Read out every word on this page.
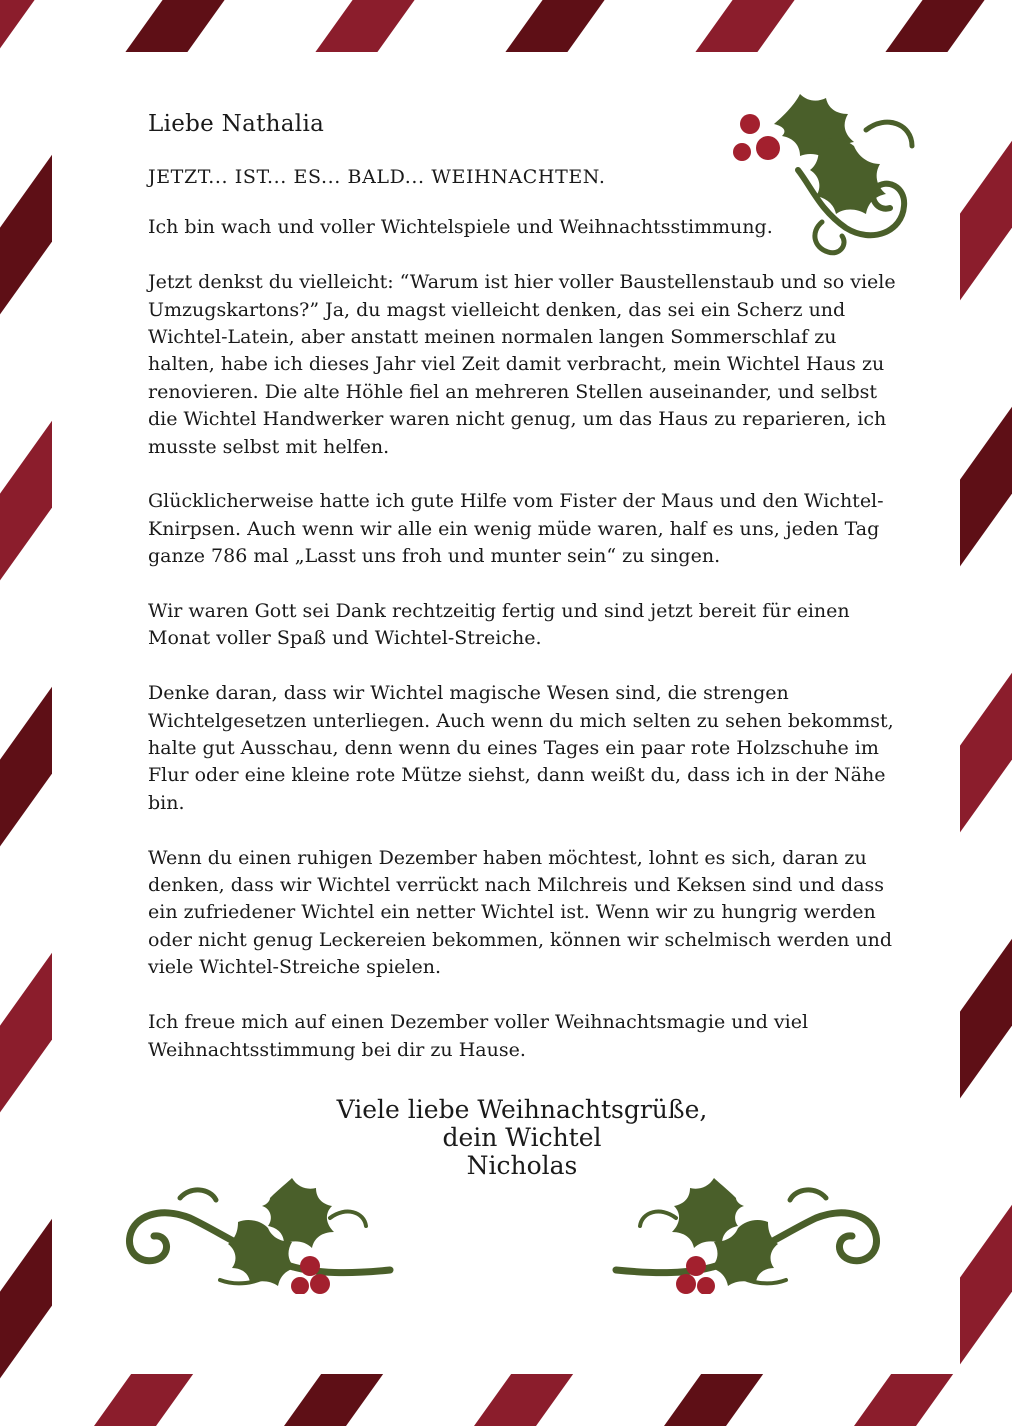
Liebe Nathalia
JETZT... IST... ES... BALD... WEIHNACHTEN.

Ich bin wach und voller Wichtelspiele und Weihnachtsstimmung.

Jetzt denkst du vielleicht: “Warum ist hier voller Baustellenstaub und so viele Umzugskartons?” Ja, du magst vielleicht denken, das sei ein Scherz und Wichtel-Latein, aber anstatt meinen normalen langen Sommerschlaf zu halten, habe ich dieses Jahr viel Zeit damit verbracht, mein Wichtel Haus zu renovieren. Die alte Höhle fiel an mehreren Stellen auseinander, und selbst die Wichtel Handwerker waren nicht genug, um das Haus zu reparieren, ich musste selbst mit helfen.

Glücklicherweise hatte ich gute Hilfe vom Fister der Maus und den Wichtel-Knirpsen. Auch wenn wir alle ein wenig müde waren, half es uns, jeden Tag ganze 786 mal „Lasst uns froh und munter sein“ zu singen.

Wir waren Gott sei Dank rechtzeitig fertig und sind jetzt bereit für einen Monat voller Spaß und Wichtel-Streiche.

Denke daran, dass wir Wichtel magische Wesen sind, die strengen Wichtelgesetzen unterliegen. Auch wenn du mich selten zu sehen bekommst, halte gut Ausschau, denn wenn du eines Tages ein paar rote Holzschuhe im Flur oder eine kleine rote Mütze siehst, dann weißt du, dass ich in der Nähe bin.

Wenn du einen ruhigen Dezember haben möchtest, lohnt es sich, daran zu denken, dass wir Wichtel verrückt nach Milchreis und Keksen sind und dass ein zufriedener Wichtel ein netter Wichtel ist. Wenn wir zu hungrig werden oder nicht genug Leckereien bekommen, können wir schelmisch werden und viele Wichtel-Streiche spielen.

Ich freue mich auf einen Dezember voller Weihnachtsmagie und viel Weihnachtsstimmung bei dir zu Hause.

Viele liebe Weihnachtsgrüße,
dein Wichtel
Nicholas
